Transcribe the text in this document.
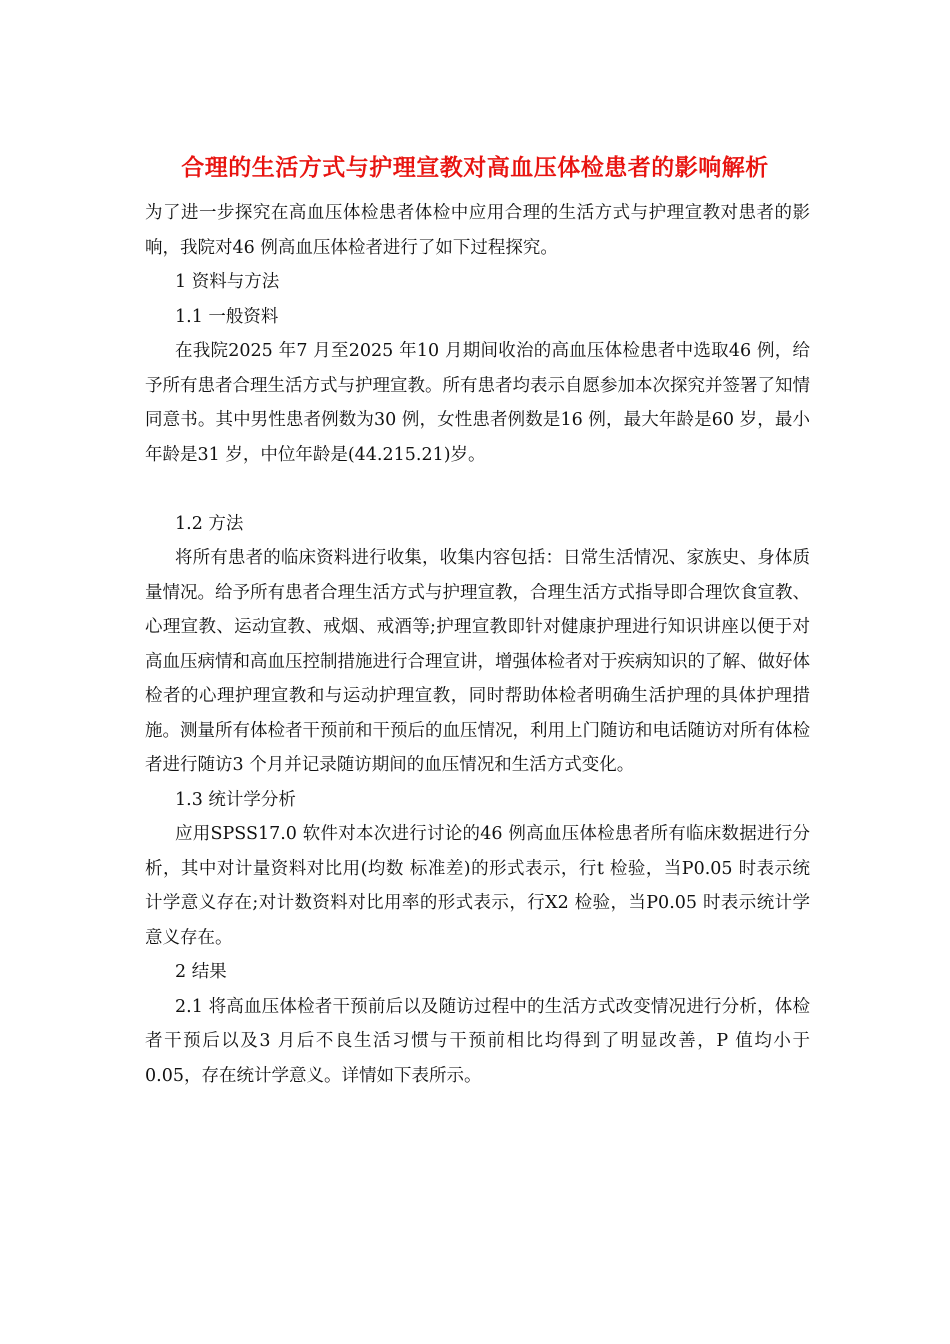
合理的生活方式与护理宣教对高血压体检患者的影响解析

为了进一步探究在高血压体检患者体检中应用合理的生活方式与护理宣教对患者的影响，我院对46 例高血压体检者进行了如下过程探究。

1 资料与方法

1.1 一般资料

在我院2025 年7 月至2025 年10 月期间收治的高血压体检患者中选取46 例，给予所有患者合理生活方式与护理宣教。所有患者均表示自愿参加本次探究并签署了知情同意书。其中男性患者例数为30 例，女性患者例数是16 例，最大年龄是60 岁，最小年龄是31 岁，中位年龄是(44.215.21)岁。

1.2 方法

将所有患者的临床资料进行收集，收集内容包括：日常生活情况、家族史、身体质量情况。给予所有患者合理生活方式与护理宣教，合理生活方式指导即合理饮食宣教、心理宣教、运动宣教、戒烟、戒酒等;护理宣教即针对健康护理进行知识讲座以便于对高血压病情和高血压控制措施进行合理宣讲，增强体检者对于疾病知识的了解、做好体检者的心理护理宣教和与运动护理宣教，同时帮助体检者明确生活护理的具体护理措施。测量所有体检者干预前和干预后的血压情况，利用上门随访和电话随访对所有体检者进行随访3 个月并记录随访期间的血压情况和生活方式变化。

1.3 统计学分析

应用SPSS17.0 软件对本次进行讨论的46 例高血压体检患者所有临床数据进行分析，其中对计量资料对比用(均数 标准差)的形式表示，行t 检验，当P0.05 时表示统计学意义存在;对计数资料对比用率的形式表示，行X2 检验，当P0.05 时表示统计学意义存在。

2 结果

2.1 将高血压体检者干预前后以及随访过程中的生活方式改变情况进行分析，体检者干预后以及3 月后不良生活习惯与干预前相比均得到了明显改善，P 值均小于0.05，存在统计学意义。详情如下表所示。
